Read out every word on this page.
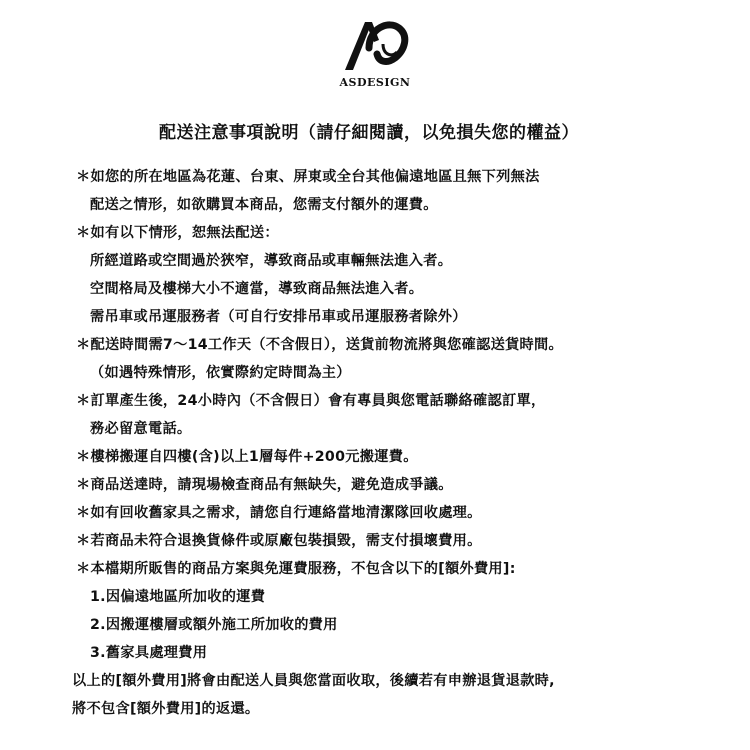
ASDESIGN
配送注意事項說明（請仔細閱讀，以免損失您的權益）
＊如您的所在地區為花蓮、台東、屏東或全台其他偏遠地區且無下列無法
配送之情形，如欲購買本商品，您需支付額外的運費。
＊如有以下情形，恕無法配送：
所經道路或空間過於狹窄，導致商品或車輛無法進入者。
空間格局及樓梯大小不適當，導致商品無法進入者。
需吊車或吊運服務者（可自行安排吊車或吊運服務者除外）
＊配送時間需7～14工作天（不含假日），送貨前物流將與您確認送貨時間。
（如遇特殊情形，依實際約定時間為主）
＊訂單產生後，24小時內（不含假日）會有專員與您電話聯絡確認訂單，
務必留意電話。
＊樓梯搬運自四樓(含)以上1層每件+200元搬運費。
＊商品送達時，請現場檢查商品有無缺失，避免造成爭議。
＊如有回收舊家具之需求，請您自行連絡當地清潔隊回收處理。
＊若商品未符合退換貨條件或原廠包裝損毀，需支付損壞費用。
＊本檔期所販售的商品方案與免運費服務，不包含以下的[額外費用]:
1.因偏遠地區所加收的運費
2.因搬運樓層或額外施工所加收的費用
3.舊家具處理費用
以上的[額外費用]將會由配送人員與您當面收取，後續若有申辦退貨退款時,
將不包含[額外費用]的返還。
